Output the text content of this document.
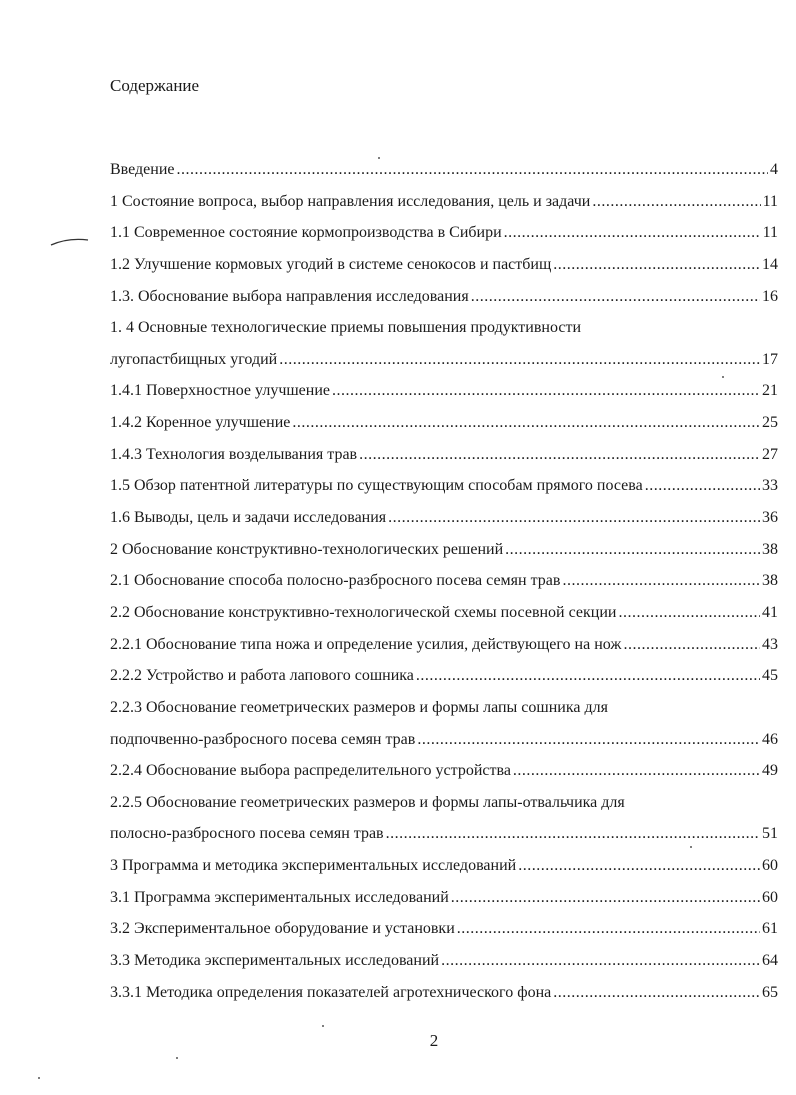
Содержание
Введение .....	4
1 Состояние вопроса, выбор направления исследования, цель и задачи .....	11
1.1 Современное состояние кормопроизводства в Сибири .....	11
1.2 Улучшение кормовых угодий в системе сенокосов и пастбищ .....	14
1.3. Обоснование выбора направления исследования .....	16
1. 4 Основные технологические приемы повышения продуктивности
лугопастбищных угодий .....	17
1.4.1 Поверхностное улучшение .....	21
1.4.2 Коренное улучшение .....	25
1.4.3 Технология возделывания трав .....	27
1.5 Обзор патентной литературы по существующим способам прямого посева .....	33
1.6 Выводы, цель и задачи исследования .....	36
2 Обоснование конструктивно-технологических решений .....	38
2.1 Обоснование способа полосно-разбросного посева семян трав .....	38
2.2 Обоснование конструктивно-технологической схемы посевной секции .....	41
2.2.1 Обоснование типа ножа и определение усилия, действующего на нож .....	43
2.2.2 Устройство и работа лапового сошника .....	45
2.2.3 Обоснование геометрических размеров и формы лапы сошника для
подпочвенно-разбросного посева семян трав .....	46
2.2.4 Обоснование выбора распределительного устройства .....	49
2.2.5 Обоснование геометрических размеров и формы лапы-отвальчика для
полосно-разбросного посева семян трав .....	51
3 Программа и методика экспериментальных исследований .....	60
3.1 Программа экспериментальных исследований .....	60
3.2 Экспериментальное оборудование и установки .....	61
3.3 Методика экспериментальных исследований .....	64
3.3.1 Методика определения показателей агротехнического фона .....	65
2
